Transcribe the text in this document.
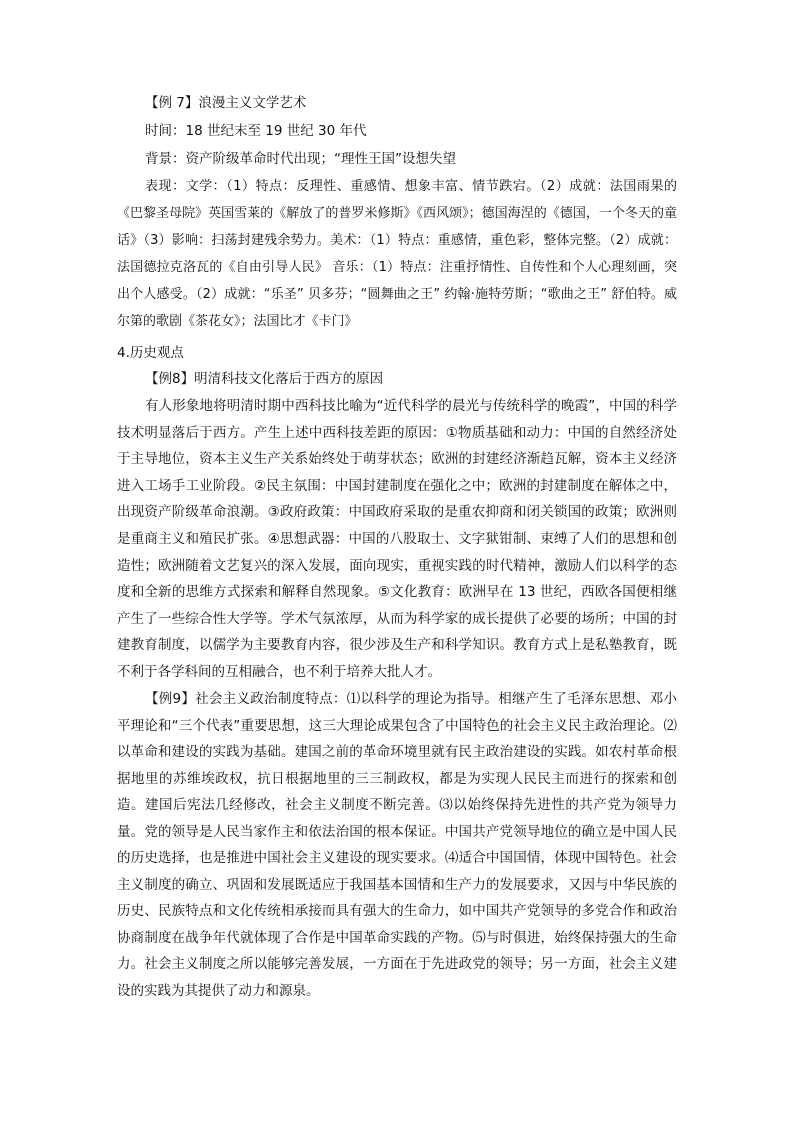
【例 7】浪漫主义文学艺术

时间：18 世纪末至 19 世纪 30 年代

背景：资产阶级革命时代出现；“理性王国”设想失望

表现：文学：（1）特点：反理性、重感情、想象丰富、情节跌宕。（2）成就：法国雨果的《巴黎圣母院》英国雪莱的《解放了的普罗米修斯》《西风颂》；德国海涅的《德国，一个冬天的童话》（3）影响：扫荡封建残余势力。美术：（1）特点：重感情，重色彩，整体完整。（2）成就：法国德拉克洛瓦的《自由引导人民》 音乐：（1）特点：注重抒情性、自传性和个人心理刻画，突出个人感受。（2）成就：“乐圣” 贝多芬；“圆舞曲之王” 约翰·施特劳斯；“歌曲之王” 舒伯特。威尔第的歌剧《茶花女》；法国比才《卡门》

4.历史观点

【例8】明清科技文化落后于西方的原因

有人形象地将明清时期中西科技比喻为“近代科学的晨光与传统科学的晚霞”，中国的科学技术明显落后于西方。产生上述中西科技差距的原因：①物质基础和动力：中国的自然经济处于主导地位，资本主义生产关系始终处于萌芽状态；欧洲的封建经济渐趋瓦解，资本主义经济进入工场手工业阶段。②民主氛围：中国封建制度在强化之中；欧洲的封建制度在解体之中，出现资产阶级革命浪潮。③政府政策：中国政府采取的是重农抑商和闭关锁国的政策；欧洲则是重商主义和殖民扩张。④思想武器：中国的八股取士、文字狱钳制、束缚了人们的思想和创造性；欧洲随着文艺复兴的深入发展，面向现实，重视实践的时代精神，激励人们以科学的态度和全新的思维方式探索和解释自然现象。⑤文化教育：欧洲早在 13 世纪，西欧各国便相继产生了一些综合性大学等。学术气氛浓厚，从而为科学家的成长提供了必要的场所；中国的封建教育制度，以儒学为主要教育内容，很少涉及生产和科学知识。教育方式上是私塾教育，既不利于各学科间的互相融合，也不利于培养大批人才。

【例9】社会主义政治制度特点：⑴以科学的理论为指导。相继产生了毛泽东思想、邓小平理论和“三个代表”重要思想，这三大理论成果包含了中国特色的社会主义民主政治理论。⑵以革命和建设的实践为基础。建国之前的革命环境里就有民主政治建设的实践。如农村革命根据地里的苏维埃政权，抗日根据地里的三三制政权，都是为实现人民民主而进行的探索和创造。建国后宪法几经修改，社会主义制度不断完善。⑶以始终保持先进性的共产党为领导力量。党的领导是人民当家作主和依法治国的根本保证。中国共产党领导地位的确立是中国人民的历史选择，也是推进中国社会主义建设的现实要求。⑷适合中国国情，体现中国特色。社会主义制度的确立、巩固和发展既适应于我国基本国情和生产力的发展要求，又因与中华民族的历史、民族特点和文化传统相承接而具有强大的生命力，如中国共产党领导的多党合作和政治协商制度在战争年代就体现了合作是中国革命实践的产物。⑸与时俱进，始终保持强大的生命力。社会主义制度之所以能够完善发展，一方面在于先进政党的领导；另一方面，社会主义建设的实践为其提供了动力和源泉。
